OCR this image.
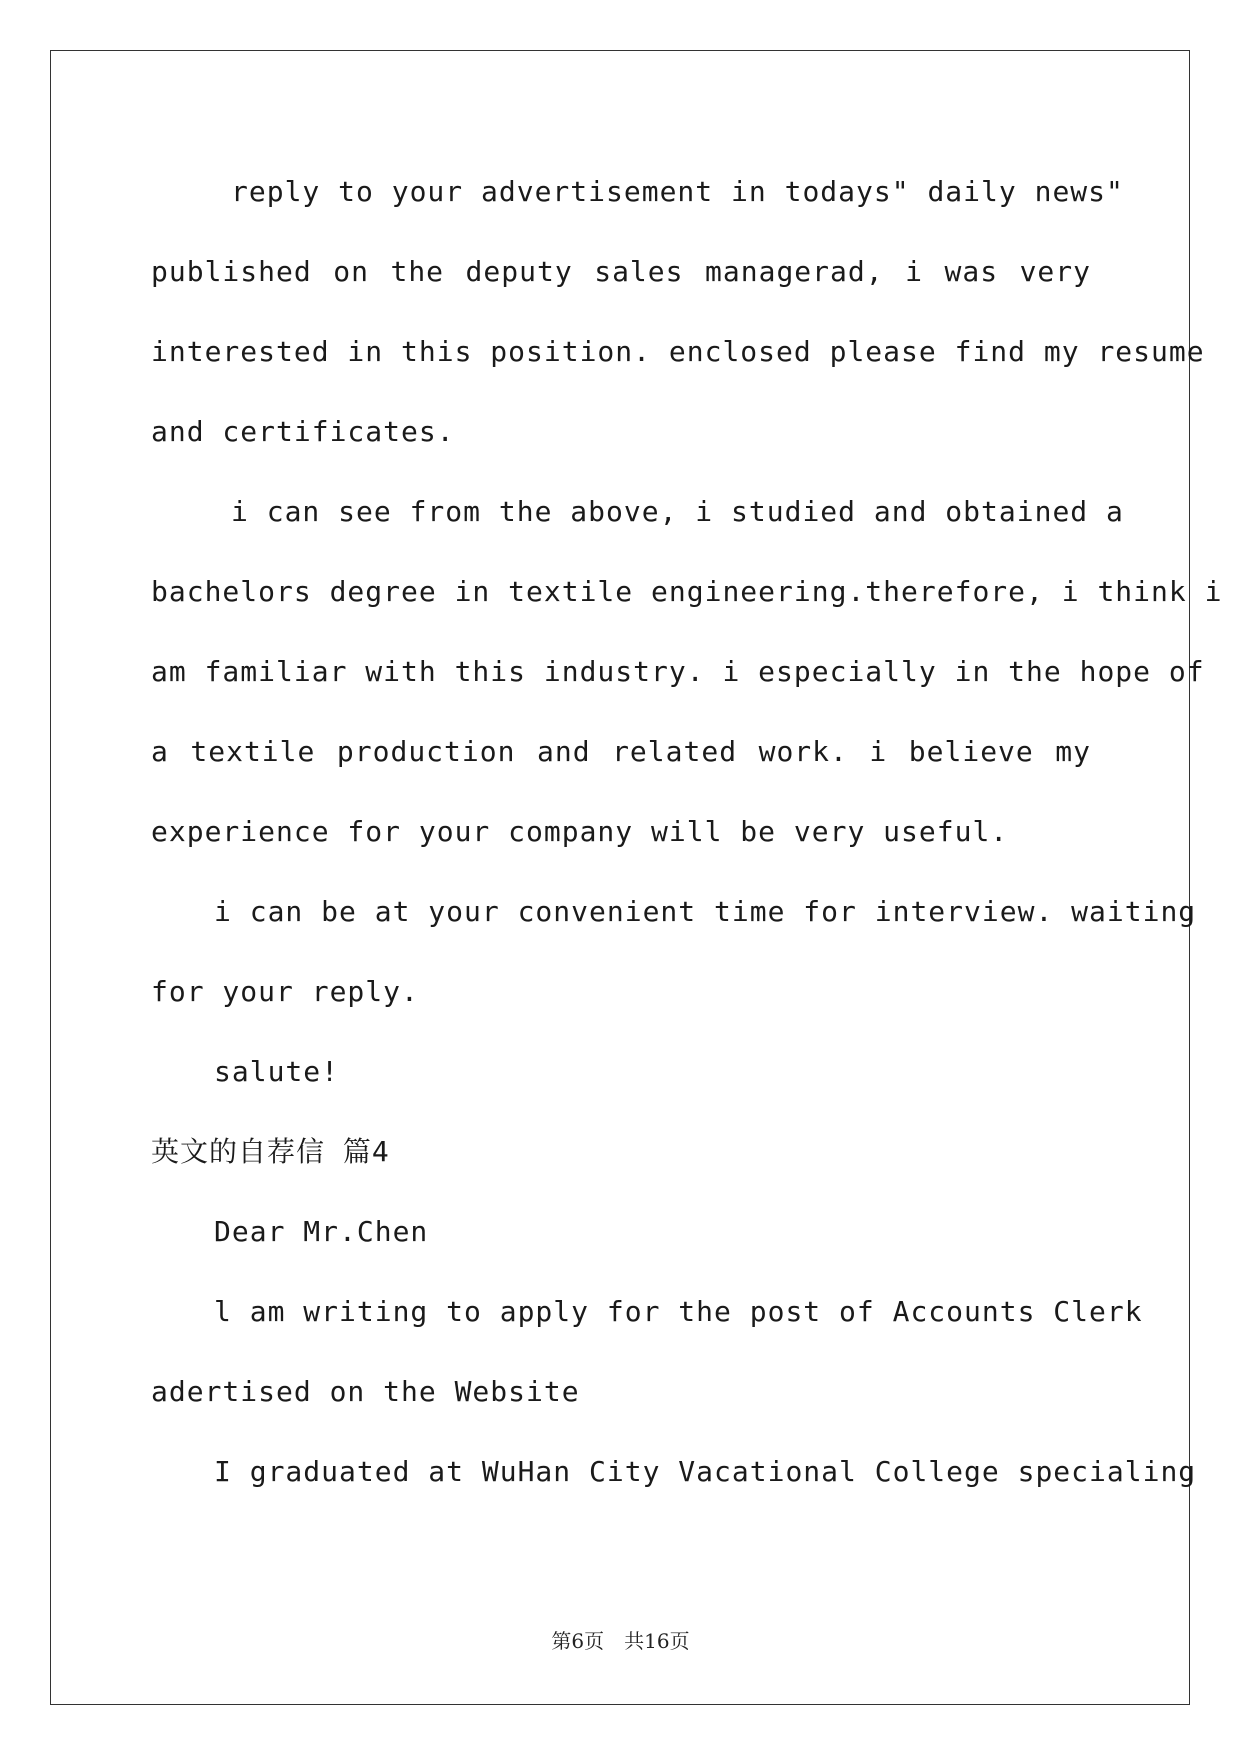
reply to your advertisement in todays" daily news"
published on the deputy sales managerad, i was very
interested in this position. enclosed please find my resume
and certificates.
i can see from the above, i studied and obtained a
bachelors degree in textile engineering.therefore, i think i
am familiar with this industry. i especially in the hope of
a textile production and related work. i believe my
experience for your company will be very useful.
i can be at your convenient time for interview. waiting
for your reply.
salute!
英文的自荐信 篇4
Dear Mr.Chen
l am writing to apply for the post of Accounts Clerk
adertised on the Website
I graduated at WuHan City Vacational College specialing
第6页　共16页
